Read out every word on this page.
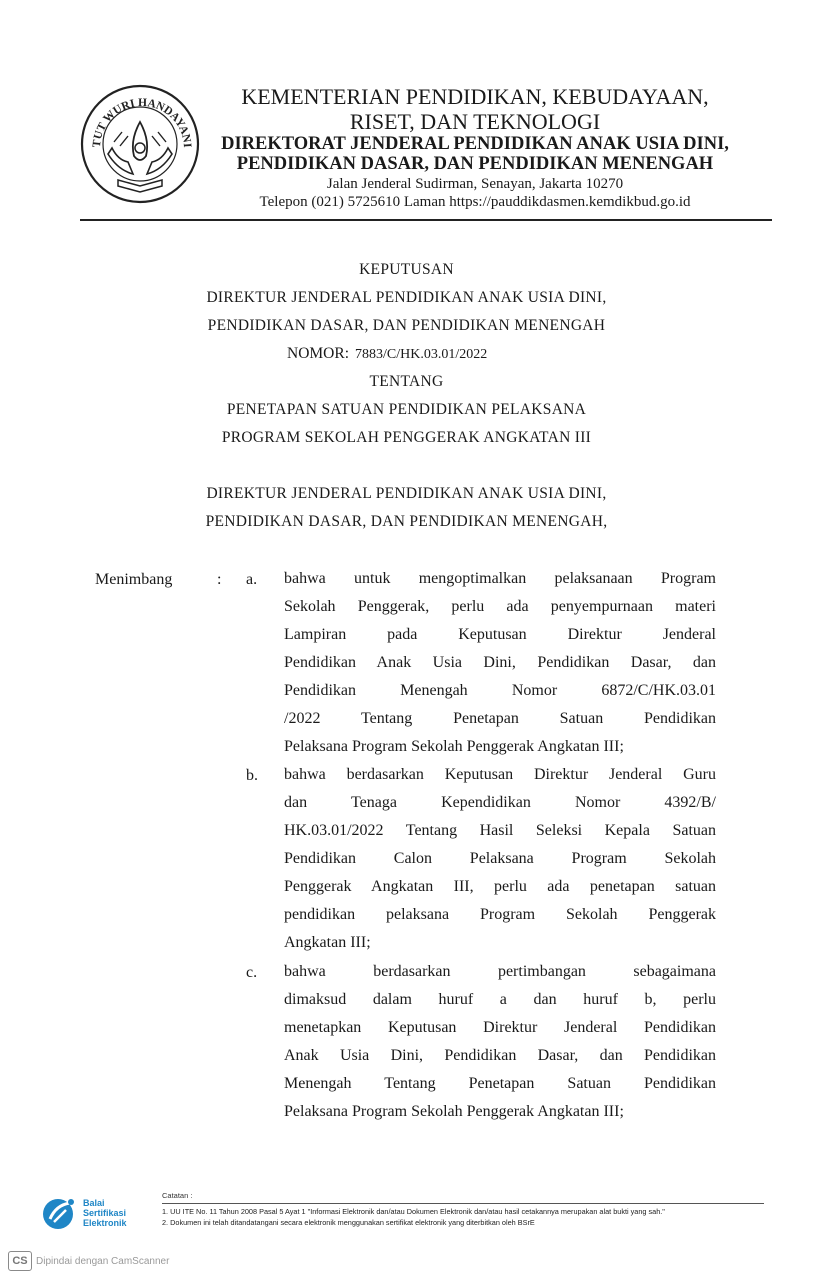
TUT WURI HANDAYANI
KEMENTERIAN PENDIDIKAN, KEBUDAYAAN,
RISET, DAN TEKNOLOGI
DIREKTORAT JENDERAL PENDIDIKAN ANAK USIA DINI,
PENDIDIKAN DASAR, DAN PENDIDIKAN MENENGAH
Jalan Jenderal Sudirman, Senayan, Jakarta 10270
Telepon (021) 5725610 Laman https://pauddikdasmen.kemdikbud.go.id
KEPUTUSAN
DIREKTUR JENDERAL PENDIDIKAN ANAK USIA DINI,
PENDIDIKAN DASAR, DAN PENDIDIKAN MENENGAH
NOMOR: 7883/C/HK.03.01/2022
TENTANG
PENETAPAN SATUAN PENDIDIKAN PELAKSANA
PROGRAM SEKOLAH PENGGERAK ANGKATAN III
DIREKTUR JENDERAL PENDIDIKAN ANAK USIA DINI,
PENDIDIKAN DASAR, DAN PENDIDIKAN MENENGAH,
Menimbang	: a. bahwa untuk mengoptimalkan pelaksanaan Program
Sekolah Penggerak, perlu ada penyempurnaan materi
Lampiran pada Keputusan Direktur Jenderal
Pendidikan Anak Usia Dini, Pendidikan Dasar, dan
Pendidikan Menengah Nomor 6872/C/HK.03.01
/2022 Tentang Penetapan Satuan Pendidikan
Pelaksana Program Sekolah Penggerak Angkatan III;
b. bahwa berdasarkan Keputusan Direktur Jenderal Guru
dan Tenaga Kependidikan Nomor 4392/B/
HK.03.01/2022 Tentang Hasil Seleksi Kepala Satuan
Pendidikan Calon Pelaksana Program Sekolah
Penggerak Angkatan III, perlu ada penetapan satuan
pendidikan pelaksana Program Sekolah Penggerak
Angkatan III;
c. bahwa berdasarkan pertimbangan sebagaimana
dimaksud dalam huruf a dan huruf b, perlu
menetapkan Keputusan Direktur Jenderal Pendidikan
Anak Usia Dini, Pendidikan Dasar, dan Pendidikan
Menengah Tentang Penetapan Satuan Pendidikan
Pelaksana Program Sekolah Penggerak Angkatan III;
Balai
Sertifikasi
Elektronik
Catatan :
1. UU ITE No. 11 Tahun 2008 Pasal 5 Ayat 1 "Informasi Elektronik dan/atau Dokumen Elektronik dan/atau hasil cetakannya merupakan alat bukti yang sah."
2. Dokumen ini telah ditandatangani secara elektronik menggunakan sertifikat elektronik yang diterbitkan oleh BSrE
CS Dipindai dengan CamScanner
